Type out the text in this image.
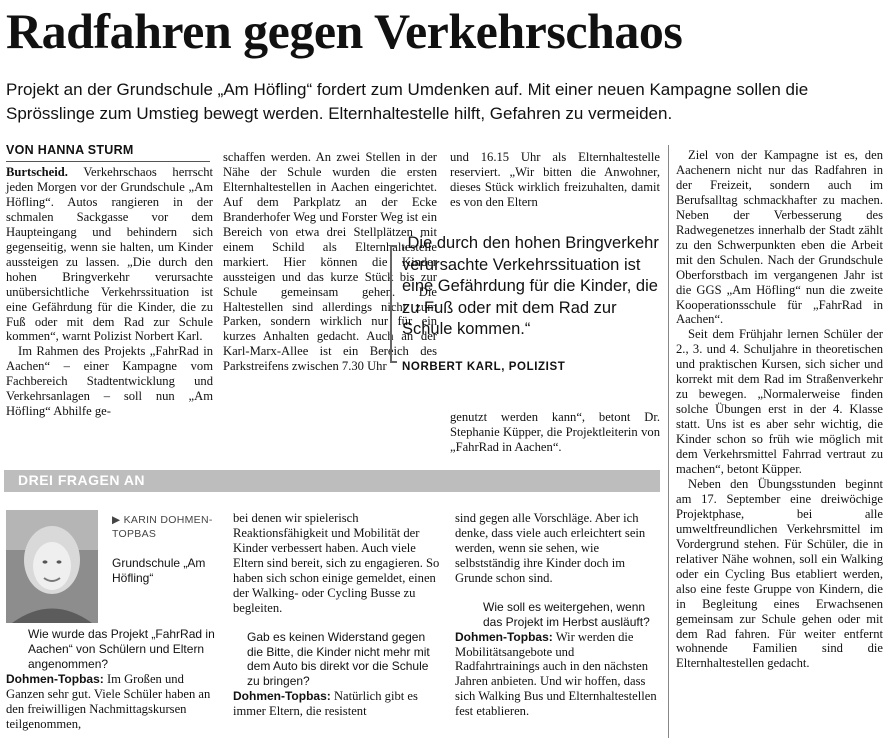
Radfahren gegen Verkehrschaos
Projekt an der Grundschule „Am Höfling“ fordert zum Umdenken auf. Mit einer neuen Kampagne sollen die Sprösslinge zum Umstieg bewegt werden. Elternhaltestelle hilft, Gefahren zu vermeiden.
VON HANNA STURM

Burtscheid. Verkehrschaos herrscht jeden Morgen vor der Grundschule „Am Höfling“. Autos rangieren in der schmalen Sackgasse vor dem Haupteingang und behindern sich gegenseitig, wenn sie halten, um Kinder aussteigen zu lassen. „Die durch den hohen Bringverkehr verursachte unübersichtliche Verkehrssituation ist eine Gefährdung für die Kinder, die zu Fuß oder mit dem Rad zur Schule kommen“, warnt Polizist Norbert Karl.

Im Rahmen des Projekts „FahrRad in Aachen“ – einer Kampagne vom Fachbereich Stadtentwicklung und Verkehrsanlagen – soll nun „Am Höfling“ Abhilfe ge-

schaffen werden. An zwei Stellen in der Nähe der Schule wurden die ersten Elternhaltestellen in Aachen eingerichtet. Auf dem Parkplatz an der Ecke Branderhofer Weg und Forster Weg ist ein Bereich von etwa drei Stellplätzen mit einem Schild als Elternhaltestelle markiert. Hier können die Kinder aussteigen und das kurze Stück bis zur Schule gemeinsam gehen. Die Haltestellen sind allerdings nicht zum Parken, sondern wirklich nur für ein kurzes Anhalten gedacht. Auch an der Karl-Marx-Allee ist ein Bereich des Parkstreifens zwischen 7.30 Uhr

und 16.15 Uhr als Elternhaltestelle reserviert. „Wir bitten die Anwohner, dieses Stück wirklich freizuhalten, damit es von den Eltern

genutzt werden kann“, betont Dr. Stephanie Küpper, die Projektleiterin von „FahrRad in Aachen“.

„Die durch den hohen Bringverkehr verursachte Verkehrssituation ist eine Gefährdung für die Kinder, die zu Fuß oder mit dem Rad zur Schule kommen.“
NORBERT KARL, POLIZIST

Ziel von der Kampagne ist es, den Aachenern nicht nur das Radfahren in der Freizeit, sondern auch im Berufsalltag schmackhafter zu machen. Neben der Verbesserung des Radwegenetzes innerhalb der Stadt zählt zu den Schwerpunkten eben die Arbeit mit den Schulen. Nach der Grundschule Oberforstbach im vergangenen Jahr ist die GGS „Am Höfling“ nun die zweite Kooperationsschule für „FahrRad in Aachen“.

Seit dem Frühjahr lernen Schüler der 2., 3. und 4. Schuljahre in theoretischen und praktischen Kursen, sich sicher und korrekt mit dem Rad im Straßenverkehr zu bewegen. „Normalerweise finden solche Übungen erst in der 4. Klasse statt. Uns ist es aber sehr wichtig, die Kinder schon so früh wie möglich mit dem Verkehrsmittel Fahrrad vertraut zu machen“, betont Küpper.

Neben den Übungsstunden beginnt am 17. September eine dreiwöchige Projektphase, bei alle umweltfreundlichen Verkehrsmittel im Vordergrund stehen. Für Schüler, die in relativer Nähe wohnen, soll ein Walking oder ein Cycling Bus etabliert werden, also eine feste Gruppe von Kindern, die in Begleitung eines Erwachsenen gemeinsam zur Schule gehen oder mit dem Rad fahren. Für weiter entfernt wohnende Familien sind die Elternhaltestellen gedacht.

DREI FRAGEN AN
▶ KARIN DOHMEN-
TOPBAS
Grundschule „Am Höfling“

Wie wurde das Projekt „FahrRad in Aachen“ von Schülern und Eltern angenommen?

Dohmen-Topbas: Im Großen und Ganzen sehr gut. Viele Schüler haben an den freiwilligen Nachmittagskursen teilgenommen,

bei denen wir spielerisch Reaktionsfähigkeit und Mobilität der Kinder verbessert haben. Auch viele Eltern sind bereit, sich zu engagieren. So haben sich schon einige gemeldet, einen der Walking- oder Cycling Busse zu begleiten.

Gab es keinen Widerstand gegen die Bitte, die Kinder nicht mehr mit dem Auto bis direkt vor die Schule zu bringen?

Dohmen-Topbas: Natürlich gibt es immer Eltern, die resistent

sind gegen alle Vorschläge. Aber ich denke, dass viele auch erleichtert sein werden, wenn sie sehen, wie selbstständig ihre Kinder doch im Grunde schon sind.

Wie soll es weitergehen, wenn das Projekt im Herbst ausläuft?

Dohmen-Topbas: Wir werden die Mobilitätsangebote und Radfahrtrainings auch in den nächsten Jahren anbieten. Und wir hoffen, dass sich Walking Bus und Elternhaltestellen fest etablieren.
